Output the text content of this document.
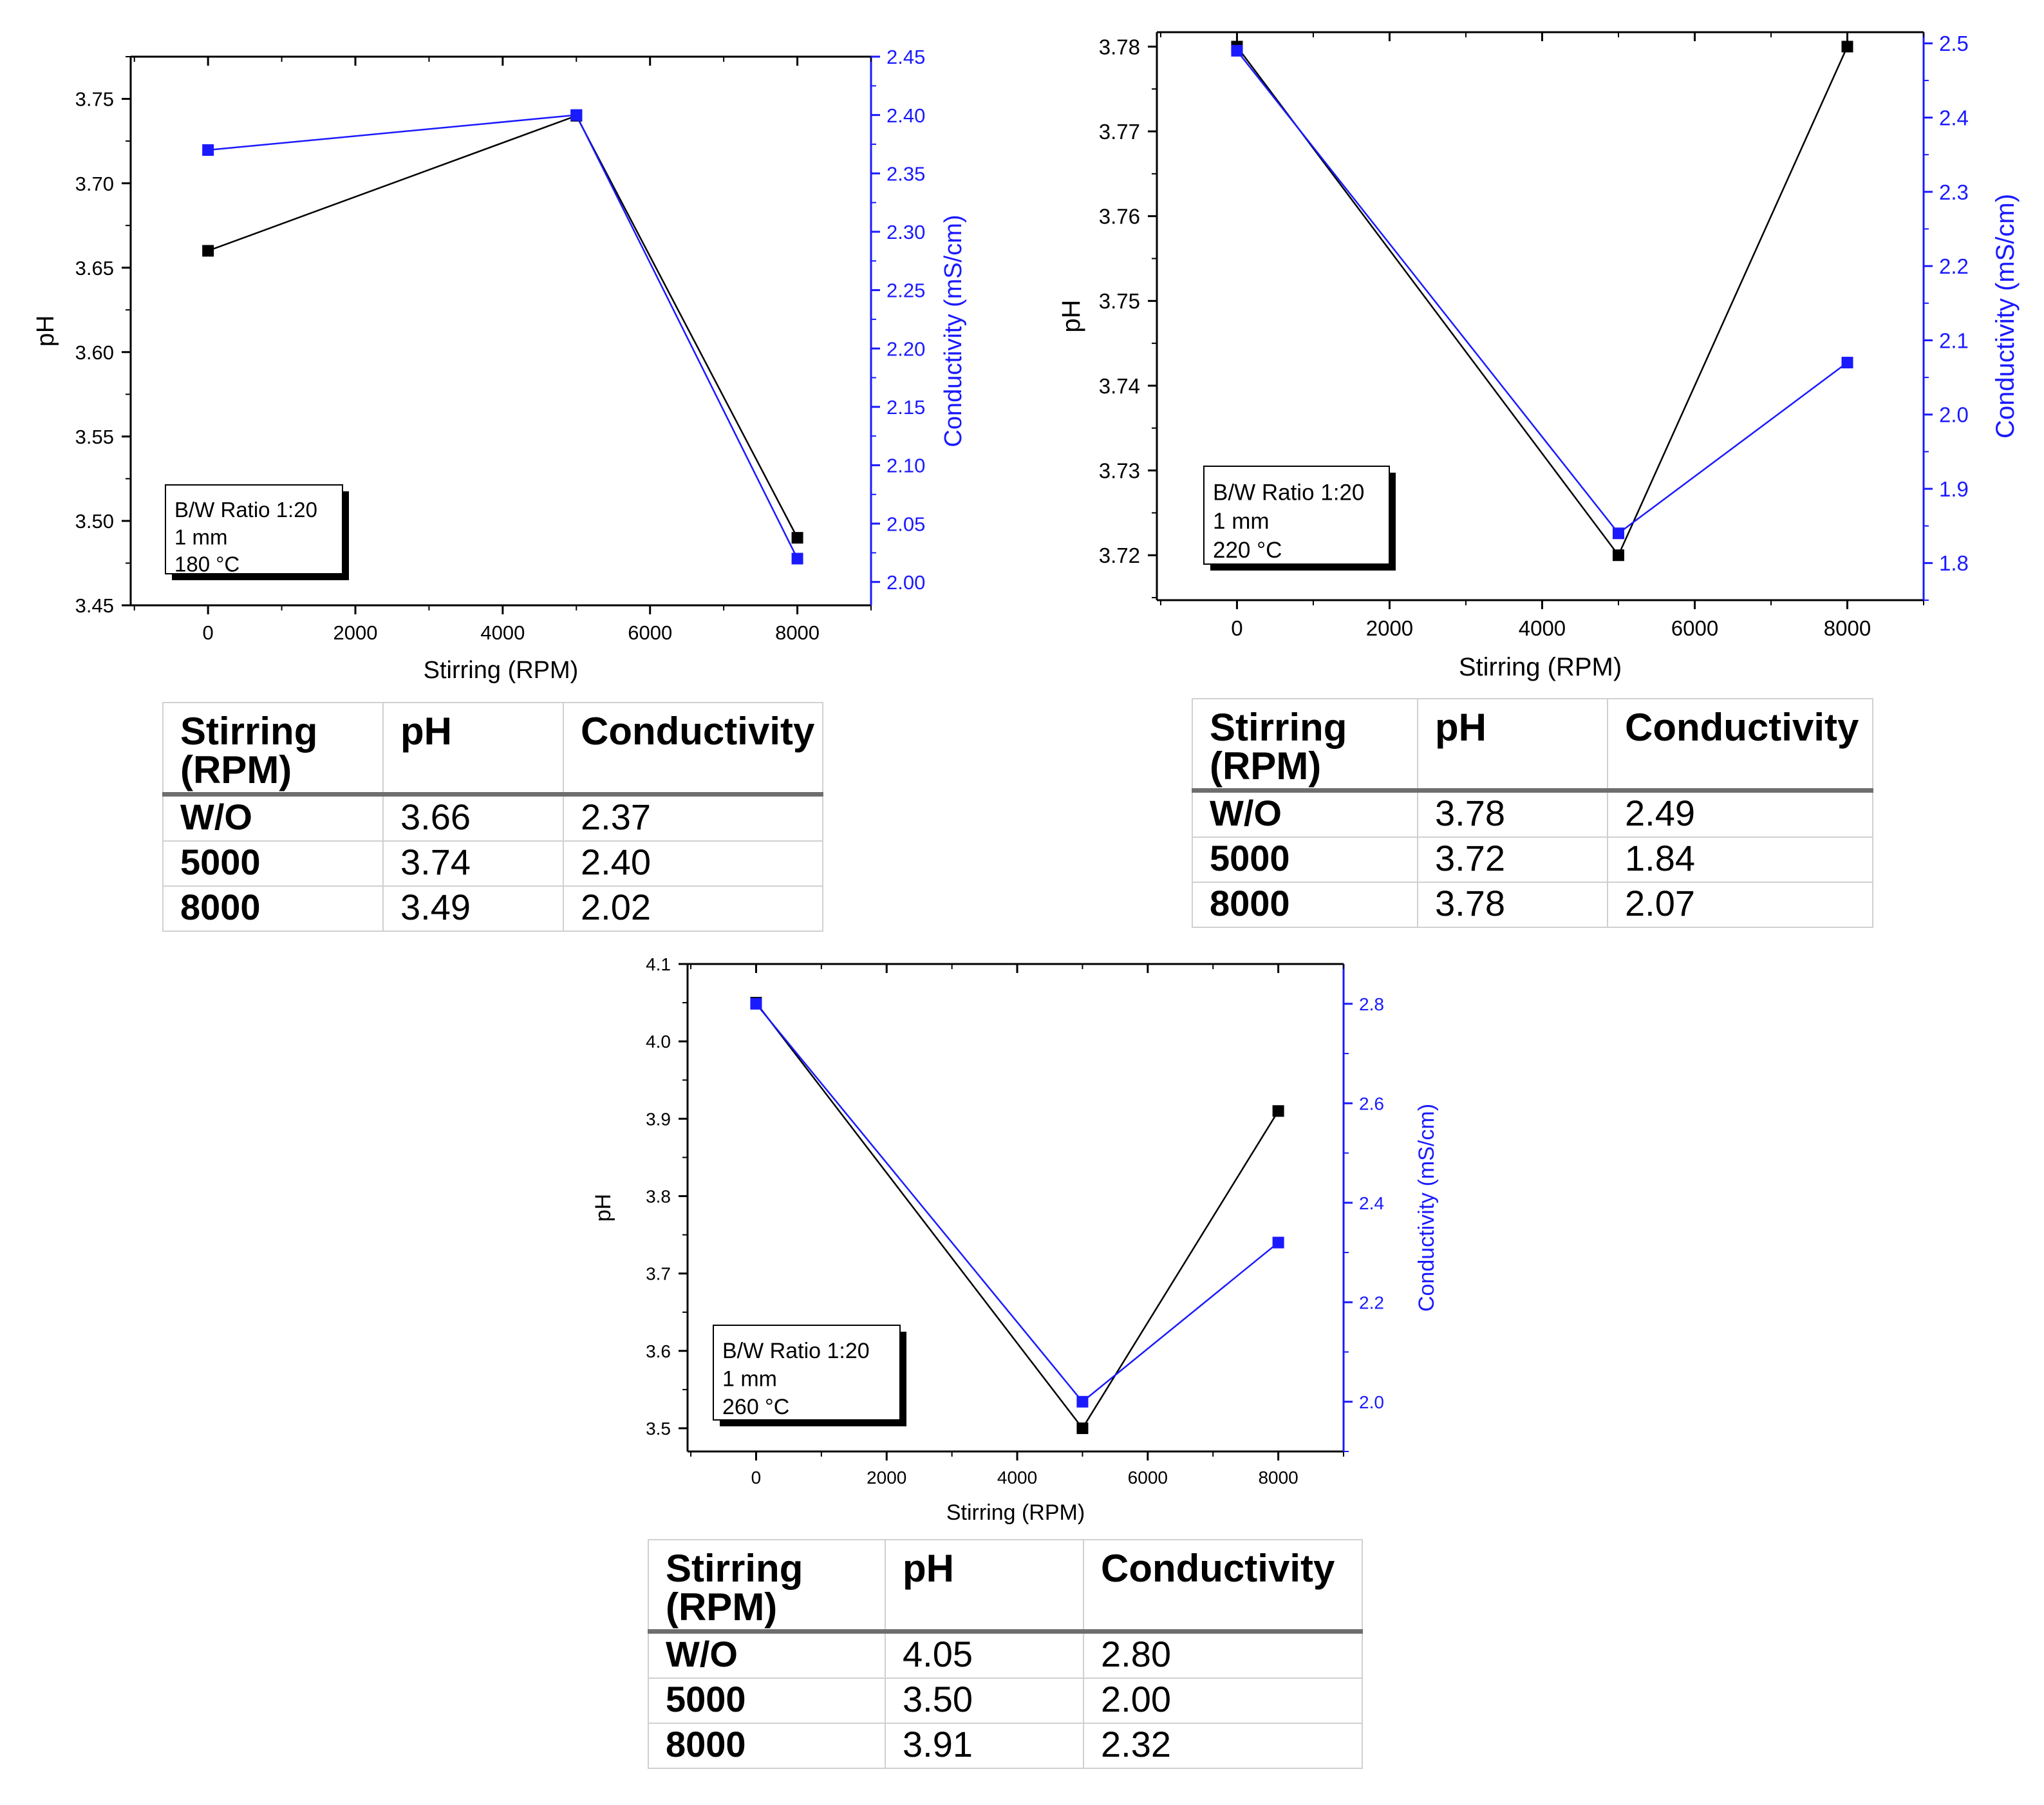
0	2000	4000	6000	8000
3.45
3.50
3.55
3.60
3.65
3.70
3.75
2.00
2.05
2.10
2.15
2.20
2.25
2.30
2.35
2.40
2.45
Stirring (RPM)
pH	Conductivity (mS/cm)
B/W Ratio 1:20
1 mm
180 °C
0	2000	4000	6000	8000
3.72
3.73
3.74
3.75
3.76
3.77
3.78
1.8
1.9
2.0
2.1
2.2
2.3
2.4
2.5
Stirring (RPM)
pH	Conductivity (mS/cm)
B/W Ratio 1:20
1 mm
220 °C
0	2000	4000	6000	8000
3.5
3.6
3.7
3.8
3.9
4.0
4.1
2.0
2.2
2.4
2.6
2.8
Stirring (RPM)
pH	Conductivity (mS/cm)
B/W Ratio 1:20
1 mm
260 °C
Stirring
(RPM)	pH	Conductivity
W/O	3.66	2.37
5000	3.74	2.40
8000	3.49	2.02
Stirring
(RPM)	pH	Conductivity
W/O	3.78	2.49
5000	3.72	1.84
8000	3.78	2.07
Stirring
(RPM)	pH	Conductivity
W/O	4.05	2.80
5000	3.50	2.00
8000	3.91	2.32
